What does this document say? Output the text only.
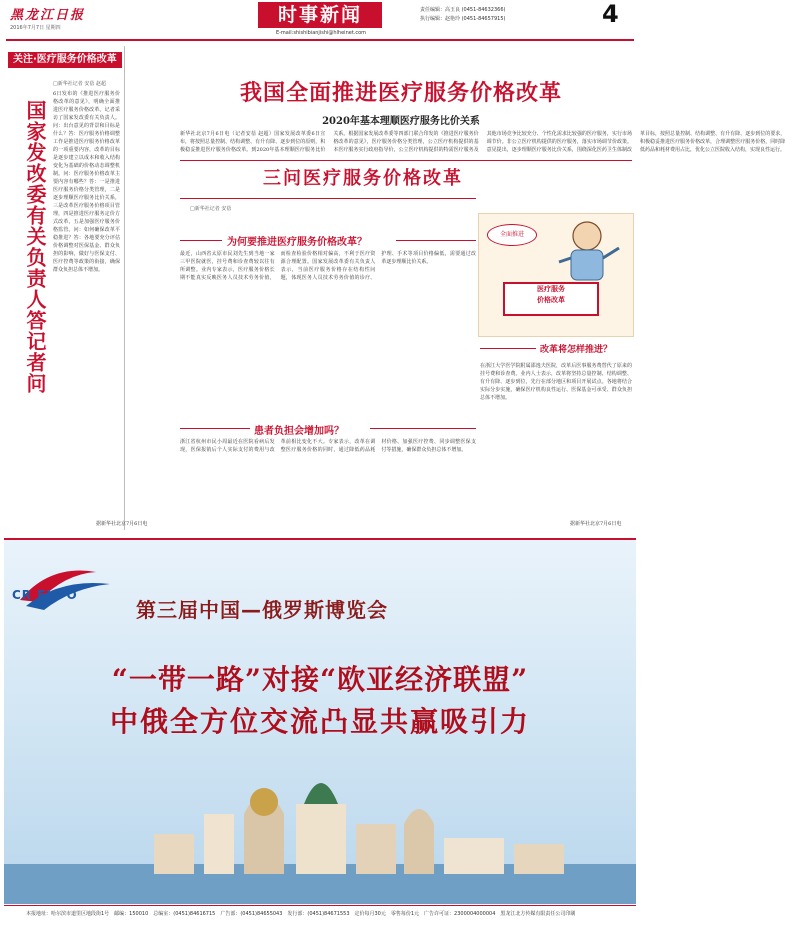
黑龙江日报
2016年7月7日 星期四
时事新闻
E-mail:shishibianjishi@hlheinet.com
责任编辑：高玉良 (0451-84632366)
执行编辑：赵艳玲 (0451-84657915)	4
关注·医疗服务价格改革
国家发改委有关负责人答记者问
□新华社记者 安蓓 赵超
6日发布的《推进医疗服务价格改革的意见》，明确全面推进医疗服务价格改革。记者采访了国家发改委有关负责人。问：出台意见的背景和目标是什么？答：医疗服务价格调整工作是推进医疗服务价格改革的一项重要内容，改革的目标是逐步建立以成本和收入结构变化为基础的价格动态调整机制。问：医疗服务价格改革主要内容有哪些？答：一是推进医疗服务价格分类管理，二是逐步理顺医疗服务比价关系，三是改革医疗服务价格项目管理，四是推进医疗服务定价方式改革，五是加强医疗服务价格监管。问：如何确保改革平稳推进？答：各地要充分评估价格调整对医保基金、群众负担的影响，做好与医保支付、医疗控费等政策的衔接，确保群众负担总体不增加。
据新华社北京7月6日电
我国全面推进医疗服务价格改革
2020年基本理顺医疗服务比价关系
新华社北京7月6日电（记者安蓓 赵超）国家发展改革委6日宣布，将按照总量控制、结构调整、有升有降、逐步到位的原则，积极稳妥推进医疗服务价格改革。到2020年基本理顺医疗服务比价关系。根据国家发展改革委等四部门联合印发的《推进医疗服务价格改革的意见》，医疗服务价格分类管理，公立医疗机构提供的基本医疗服务实行政府指导价，公立医疗机构提供的特需医疗服务及其他市场竞争比较充分、个性化需求比较强的医疗服务，实行市场调节价。非公立医疗机构提供的医疗服务，落实市场调节价政策。意见提出，逐步理顺医疗服务比价关系，围绕深化医药卫生体制改革目标，按照总量控制、结构调整、有升有降、逐步到位的要求，积极稳妥推进医疗服务价格改革，合理调整医疗服务价格，同时降低药品和耗材费用占比，优化公立医院收入结构，实现良性运行。
三问医疗服务价格改革
□新华社记者 安蓓
为何要推进医疗服务价格改革？
最近，山西省太原市民刘先生到当地一家三甲医院就医，挂号费和诊查费较以往有所调整。业内专家表示，医疗服务价格长期不能真实反映医务人员技术劳务价值，而检查检验价格相对偏高，不利于医疗资源合理配置。国家发展改革委有关负责人表示，当前医疗服务价格存在结构性问题，体现医务人员技术劳务价值的诊疗、护理、手术等项目价格偏低，需要通过改革逐步理顺比价关系。
全面推进
医疗服务
价格改革
改革将怎样推进？
在浙江大学医学院附属邵逸夫医院，改革后医事服务费替代了原来的挂号费和诊查费。业内人士表示，改革将坚持总量控制、结构调整、有升有降、逐步到位，先行在部分地区和项目开展试点。各地将结合实际分步实施，确保医疗机构良性运行、医保基金可承受、群众负担总体不增加。
患者负担会增加吗？
浙江省杭州市民小周最近在医院看病后发现，医保报销后个人实际支付的费用与改革前相比变化不大。专家表示，改革在调整医疗服务价格的同时，通过降低药品耗材价格、加强医疗控费、同步调整医保支付等措施，确保群众负担总体不增加。
据新华社北京7月6日电
CR EXPO
第三届中国—俄罗斯博览会
“一带一路”对接“欧亚经济联盟”
中俄全方位交流凸显共赢吸引力
本报地址：哈尔滨市道里区地段街1号　邮编：150010　总编室：(0451)84616715　广告部：(0451)84655043　发行部：(0451)84671553　定价每月30元　零售每份1元　广告许可证：2300004000004　黑龙江北方传媒有限责任公司印刷
